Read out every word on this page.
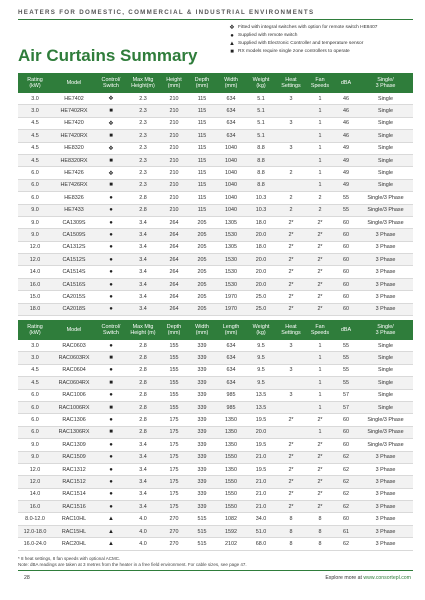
HEATERS FOR DOMESTIC, COMMERCIAL & INDUSTRIAL ENVIRONMENTS
Air Curtains Summary
❖ Fitted with integral switches with option for remote switch HE8407
● Supplied with remote switch
▲ Supplied with Electronic Controller and temperature sensor
■ RX models require single zone controllers to operate
Rating
(kW)	Model	Control/
Switch	Max Mtg
Height(m)	Height
(mm)	Depth
(mm)	Width
(mm)	Weight
(kg)	Heat
Settings	Fan
Speeds	dBA	Single/
3 Phase
3.0	HE7402	❖	2.3	210	115	634	5.1	3	1	46	Single
3.0	HE7402RX	■	2.3	210	115	634	5.1		1	46	Single
4.5	HE7420	❖	2.3	210	115	634	5.1	3	1	46	Single
4.5	HE7420RX	■	2.3	210	115	634	5.1		1	46	Single
4.5	HE8320	❖	2.3	210	115	1040	8.8	3	1	49	Single
4.5	HE8320RX	■	2.3	210	115	1040	8.8		1	49	Single
6.0	HE7426	❖	2.3	210	115	1040	8.8	2	1	49	Single
6.0	HE7426RX	■	2.3	210	115	1040	8.8		1	49	Single
6.0	HE8326	●	2.8	210	115	1040	10.3	2	2	55	Single/3 Phase
9.0	HE7433	●	2.8	210	115	1040	10.3	2	2	55	Single/3 Phase
9.0	CA1309S	●	3.4	264	205	1305	18.0	2*	2*	60	Single/3 Phase
9.0	CA1509S	●	3.4	264	205	1530	20.0	2*	2*	60	3 Phase
12.0	CA1312S	●	3.4	264	205	1305	18.0	2*	2*	60	3 Phase
12.0	CA1512S	●	3.4	264	205	1530	20.0	2*	2*	60	3 Phase
14.0	CA1514S	●	3.4	264	205	1530	20.0	2*	2*	60	3 Phase
16.0	CA1516S	●	3.4	264	205	1530	20.0	2*	2*	60	3 Phase
15.0	CA2015S	●	3.4	264	205	1970	25.0	2*	2*	60	3 Phase
18.0	CA2018S	●	3.4	264	205	1970	25.0	2*	2*	60	3 Phase
Rating
(kW)	Model	Control/
Switch	Max Mtg
Height (m)	Depth
(mm)	Width
(mm)	Length
(mm)	Weight
(kg)	Heat
Settings	Fan
Speeds	dBA	Single/
3 Phase
3.0	RAC0603	●	2.8	155	339	634	9.5	3	1	55	Single
3.0	RAC0603RX	■	2.8	155	339	634	9.5		1	55	Single
4.5	RAC0604	●	2.8	155	339	634	9.5	3	1	55	Single
4.5	RAC0604RX	■	2.8	155	339	634	9.5		1	55	Single
6.0	RAC1006	●	2.8	155	339	985	13.5	3	1	57	Single
6.0	RAC1006RX	■	2.8	155	339	985	13.5		1	57	Single
6.0	RAC1306	●	2.8	175	339	1350	19.5	2*	2*	60	Single/3 Phase
6.0	RAC1306RX	■	2.8	175	339	1350	20.0		1	60	Single/3 Phase
9.0	RAC1309	●	3.4	175	339	1350	19.5	2*	2*	60	Single/3 Phase
9.0	RAC1509	●	3.4	175	339	1550	21.0	2*	2*	62	3 Phase
12.0	RAC1312	●	3.4	175	339	1350	19.5	2*	2*	62	3 Phase
12.0	RAC1512	●	3.4	175	339	1550	21.0	2*	2*	62	3 Phase
14.0	RAC1514	●	3.4	175	339	1550	21.0	2*	2*	62	3 Phase
16.0	RAC1516	●	3.4	175	339	1550	21.0	2*	2*	62	3 Phase
8.0-12.0	RAC10HL	▲	4.0	270	515	1082	34.0	8	8	60	3 Phase
12.0-18.0	RAC15HL	▲	4.0	270	515	1592	51.0	8	8	61	3 Phase
16.0-24.0	RAC20HL	▲	4.0	270	515	2102	68.0	8	8	62	3 Phase
* 8 heat settings, 8 fan speeds with optional ACMC.
Note: dBA readings are taken at 3 metres from the heater in a free field environment. For cable sizes, see page 47.
28	Explore more at www.consortepl.com
